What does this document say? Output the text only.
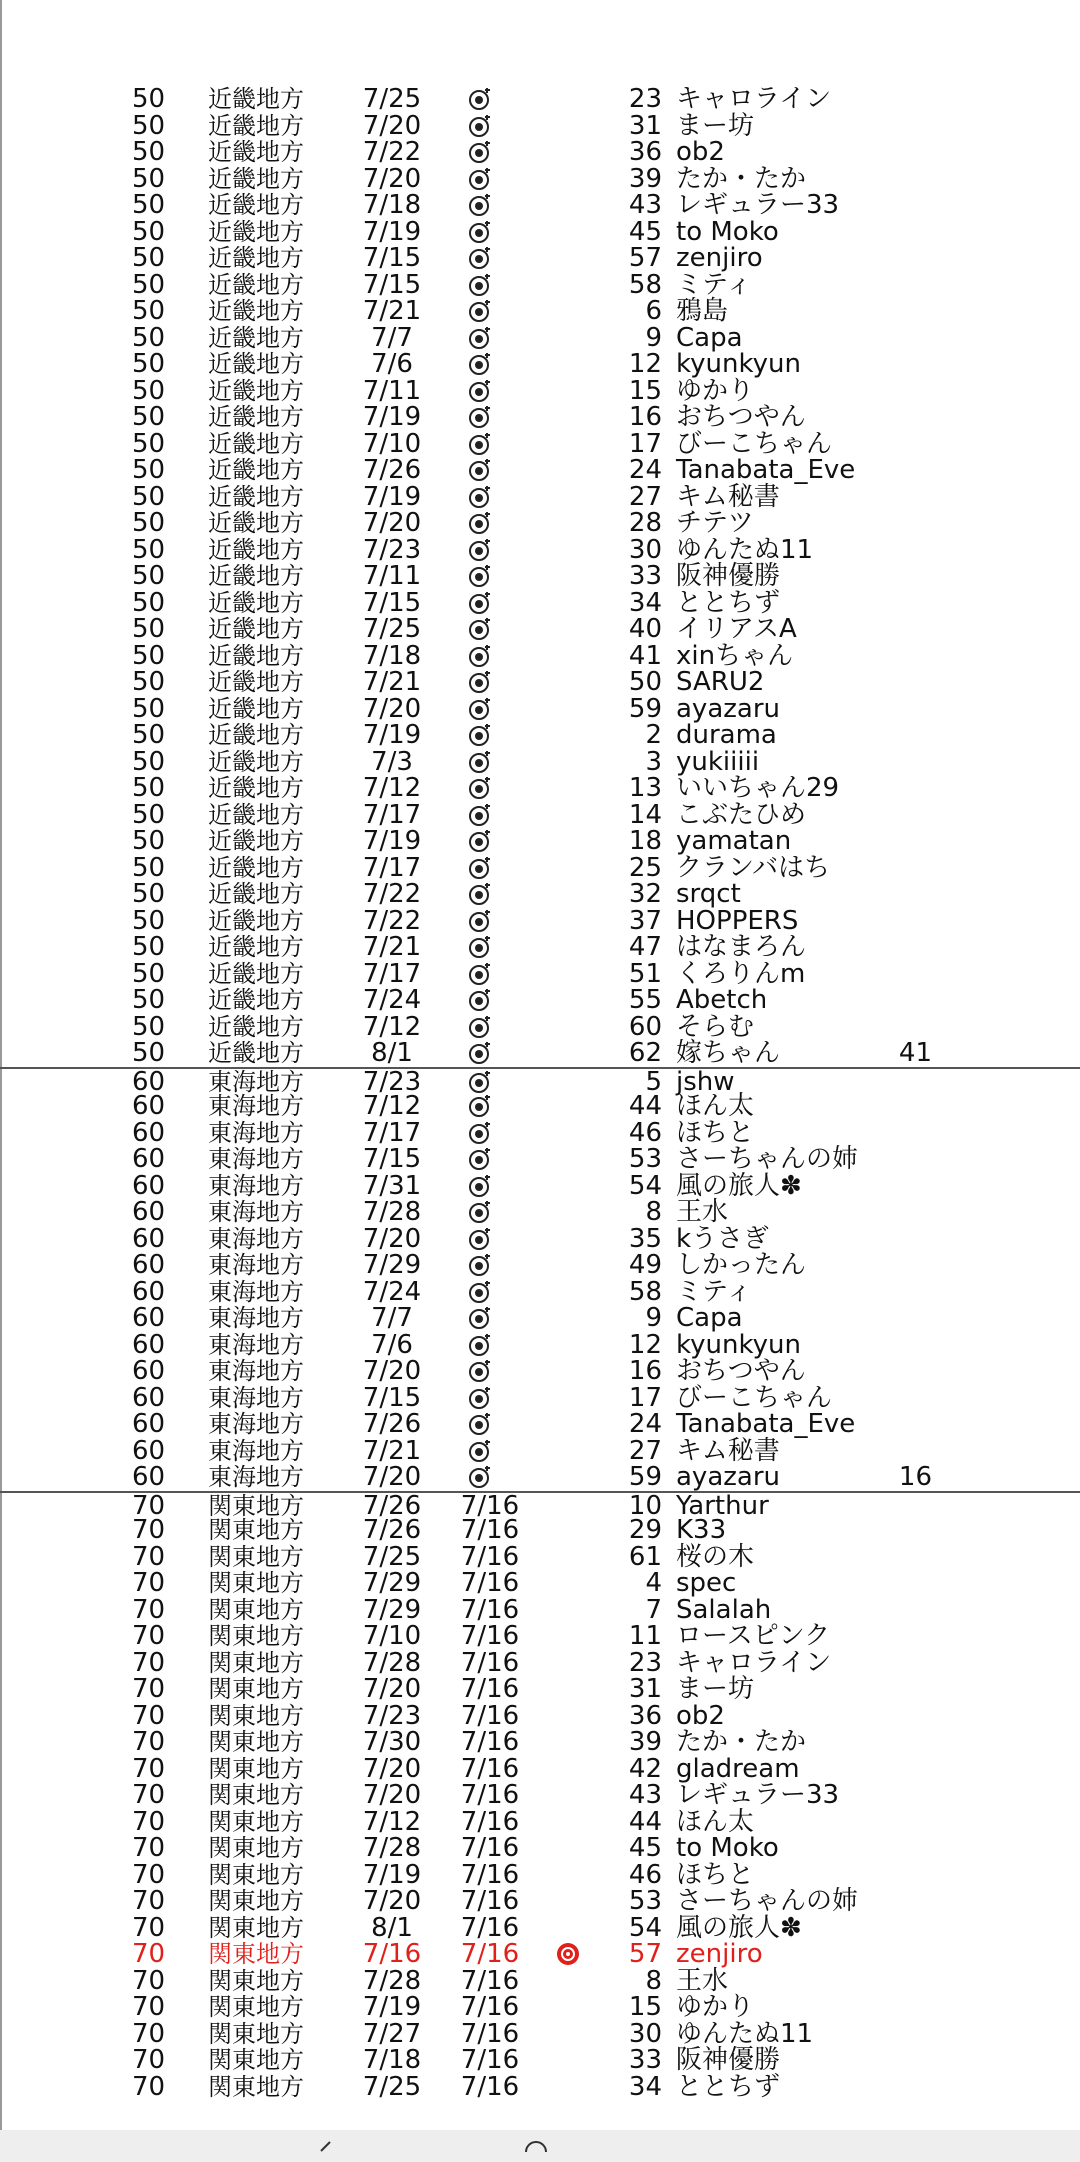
50	近畿地方	7/25	23 キャロライン
50	近畿地方	7/20	31 まー坊
50	近畿地方	7/22	36 ob2
50	近畿地方	7/20	39 たか・たか
50	近畿地方	7/18	43 レギュラー33
50	近畿地方	7/19	45 to Moko
50	近畿地方	7/15	57 zenjiro
50	近畿地方	7/15	58 ミティ
50	近畿地方	7/21	6 鴉島
50	近畿地方	7/7	9 Capa
50	近畿地方	7/6	12 kyunkyun
50	近畿地方	7/11	15 ゆかり
50	近畿地方	7/19	16 おちつやん
50	近畿地方	7/10	17 びーこちゃん
50	近畿地方	7/26	24 Tanabata_Eve
50	近畿地方	7/19	27 キム秘書
50	近畿地方	7/20	28 チテツ
50	近畿地方	7/23	30 ゆんたぬ11
50	近畿地方	7/11	33 阪神優勝
50	近畿地方	7/15	34 ととちず
50	近畿地方	7/25	40 イリアスA
50	近畿地方	7/18	41 xinちゃん
50	近畿地方	7/21	50 SARU2
50	近畿地方	7/20	59 ayazaru
50	近畿地方	7/19	2 durama
50	近畿地方	7/3	3 yukiiiii
50	近畿地方	7/12	13 いいちゃん29
50	近畿地方	7/17	14 こぶたひめ
50	近畿地方	7/19	18 yamatan
50	近畿地方	7/17	25 クランバはち
50	近畿地方	7/22	32 srqct
50	近畿地方	7/22	37 HOPPERS
50	近畿地方	7/21	47 はなまろん
50	近畿地方	7/17	51 くろりんm
50	近畿地方	7/24	55 Abetch
50	近畿地方	7/12	60 そらむ
50	近畿地方	8/1	62 嫁ちゃん	41
60	東海地方	7/23	5 jshw
60	東海地方	7/12	44 ほん太
60	東海地方	7/17	46 ほちと
60	東海地方	7/15	53 さーちゃんの姉
60	東海地方	7/31	54 風の旅人✽
60	東海地方	7/28	8 王水
60	東海地方	7/20	35 kうさぎ
60	東海地方	7/29	49 しかったん
60	東海地方	7/24	58 ミティ
60	東海地方	7/7	9 Capa
60	東海地方	7/6	12 kyunkyun
60	東海地方	7/20	16 おちつやん
60	東海地方	7/15	17 びーこちゃん
60	東海地方	7/26	24 Tanabata_Eve
60	東海地方	7/21	27 キム秘書
60	東海地方	7/20	59 ayazaru	16
70	関東地方	7/26	7/16	10 Yarthur
70	関東地方	7/26	7/16	29 K33
70	関東地方	7/25	7/16	61 桜の木
70	関東地方	7/29	7/16	4 spec
70	関東地方	7/29	7/16	7 Salalah
70	関東地方	7/10	7/16	11 ロースピンク
70	関東地方	7/28	7/16	23 キャロライン
70	関東地方	7/20	7/16	31 まー坊
70	関東地方	7/23	7/16	36 ob2
70	関東地方	7/30	7/16	39 たか・たか
70	関東地方	7/20	7/16	42 gladream
70	関東地方	7/20	7/16	43 レギュラー33
70	関東地方	7/12	7/16	44 ほん太
70	関東地方	7/28	7/16	45 to Moko
70	関東地方	7/19	7/16	46 ほちと
70	関東地方	7/20	7/16	53 さーちゃんの姉
70	関東地方	8/1	7/16	54 風の旅人✽
70	関東地方	7/16	7/16	57 zenjiro
70	関東地方	7/28	7/16	8 王水
70	関東地方	7/19	7/16	15 ゆかり
70	関東地方	7/27	7/16	30 ゆんたぬ11
70	関東地方	7/18	7/16	33 阪神優勝
70	関東地方	7/25	7/16	34 ととちず
